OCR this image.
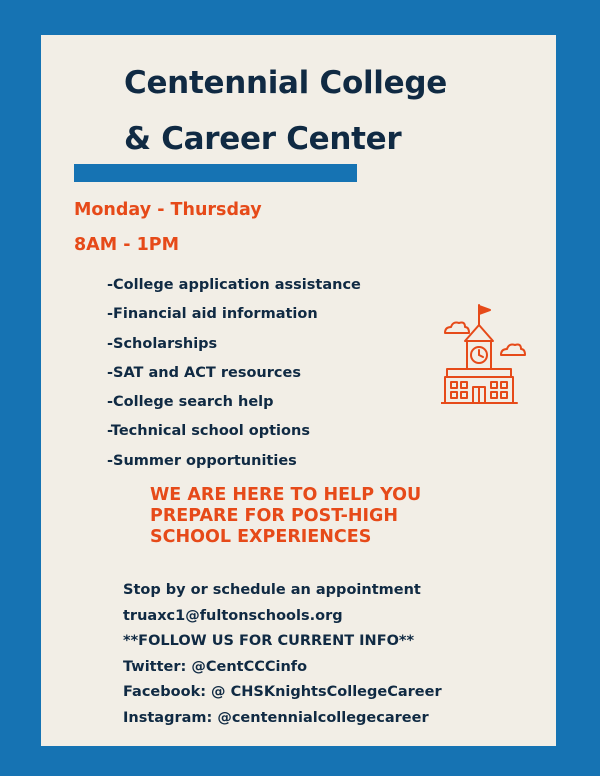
Centennial College
& Career Center
Monday - Thursday
8AM - 1PM
-College application assistance
-Financial aid information
-Scholarships
-SAT and ACT resources
-College search help
-Technical school options
-Summer opportunities
WE ARE HERE TO HELP YOU
PREPARE FOR POST-HIGH
SCHOOL EXPERIENCES
Stop by or schedule an appointment
truaxc1@fultonschools.org
**FOLLOW US FOR CURRENT INFO**
Twitter: @CentCCCinfo
Facebook: @ CHSKnightsCollegeCareer
Instagram: @centennialcollegecareer
